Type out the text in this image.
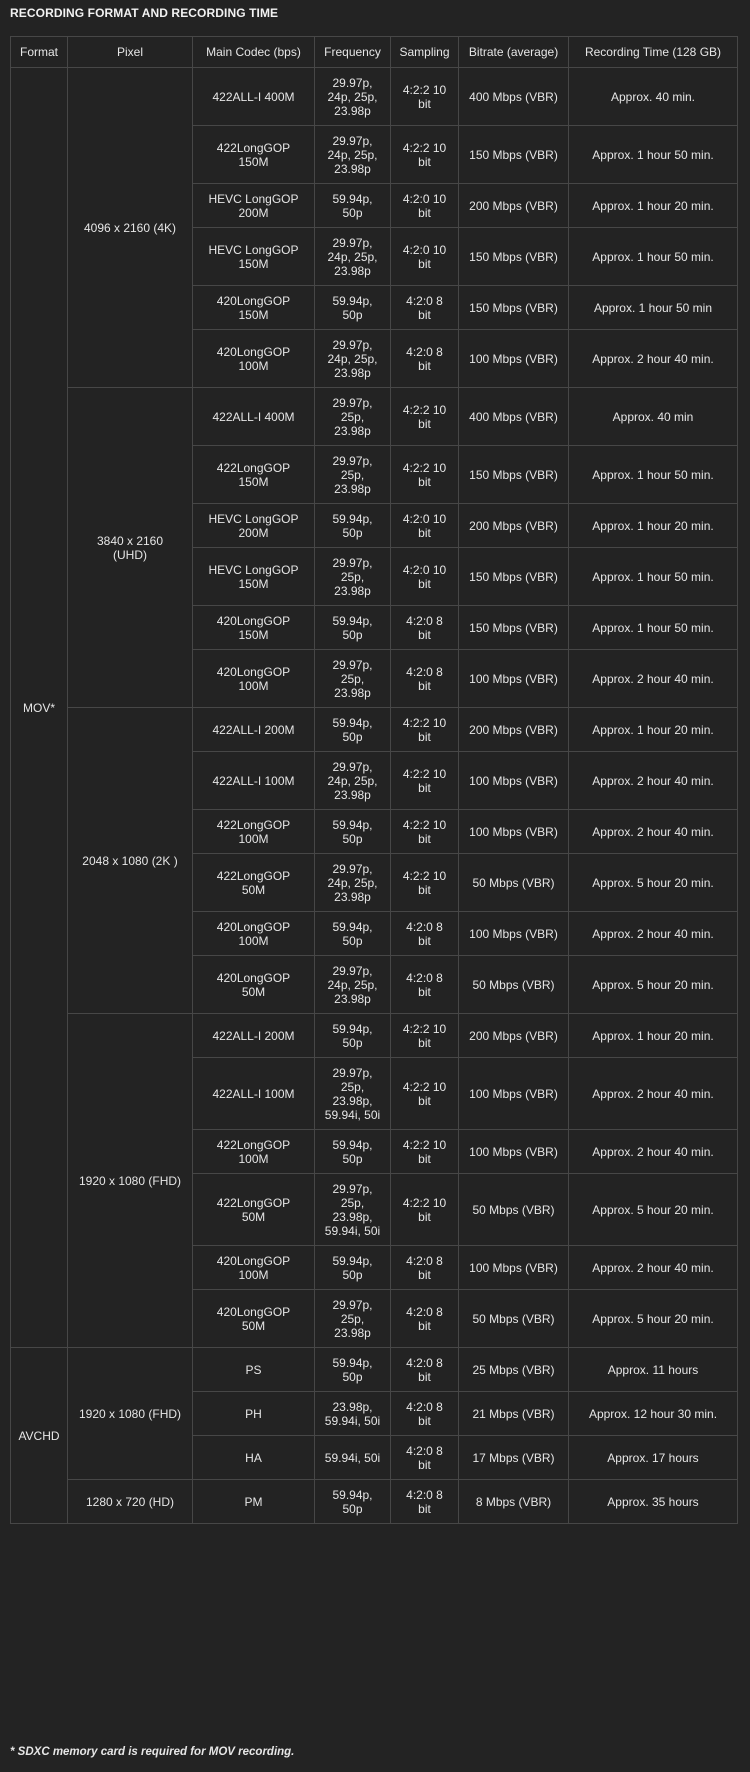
RECORDING FORMAT AND RECORDING TIME
Format	Pixel	Main Codec (bps)	Frequency	Sampling	Bitrate (average)	Recording Time (128 GB)
MOV*	4096 x 2160 (4K)	422ALL-I 400M	29.97p,
24p, 25p,
23.98p	4:2:2 10
bit	400 Mbps (VBR)	Approx. 40 min.
		422LongGOP
150M	29.97p,
24p, 25p,
23.98p	4:2:2 10
bit	150 Mbps (VBR)	Approx. 1 hour 50 min.
		HEVC LongGOP
200M	59.94p,
50p	4:2:0 10
bit	200 Mbps (VBR)	Approx. 1 hour 20 min.
		HEVC LongGOP
150M	29.97p,
24p, 25p,
23.98p	4:2:0 10
bit	150 Mbps (VBR)	Approx. 1 hour 50 min.
		420LongGOP
150M	59.94p,
50p	4:2:0 8
bit	150 Mbps (VBR)	Approx. 1 hour 50 min
		420LongGOP
100M	29.97p,
24p, 25p,
23.98p	4:2:0 8
bit	100 Mbps (VBR)	Approx. 2 hour 40 min.
	3840 x 2160
(UHD)	422ALL-I 400M	29.97p,
25p,
23.98p	4:2:2 10
bit	400 Mbps (VBR)	Approx. 40 min
		422LongGOP
150M	29.97p,
25p,
23.98p	4:2:2 10
bit	150 Mbps (VBR)	Approx. 1 hour 50 min.
		HEVC LongGOP
200M	59.94p,
50p	4:2:0 10
bit	200 Mbps (VBR)	Approx. 1 hour 20 min.
		HEVC LongGOP
150M	29.97p,
25p,
23.98p	4:2:0 10
bit	150 Mbps (VBR)	Approx. 1 hour 50 min.
		420LongGOP
150M	59.94p,
50p	4:2:0 8
bit	150 Mbps (VBR)	Approx. 1 hour 50 min.
		420LongGOP
100M	29.97p,
25p,
23.98p	4:2:0 8
bit	100 Mbps (VBR)	Approx. 2 hour 40 min.
	2048 x 1080 (2K )	422ALL-I 200M	59.94p,
50p	4:2:2 10
bit	200 Mbps (VBR)	Approx. 1 hour 20 min.
		422ALL-I 100M	29.97p,
24p, 25p,
23.98p	4:2:2 10
bit	100 Mbps (VBR)	Approx. 2 hour 40 min.
		422LongGOP
100M	59.94p,
50p	4:2:2 10
bit	100 Mbps (VBR)	Approx. 2 hour 40 min.
		422LongGOP
50M	29.97p,
24p, 25p,
23.98p	4:2:2 10
bit	50 Mbps (VBR)	Approx. 5 hour 20 min.
		420LongGOP
100M	59.94p,
50p	4:2:0 8
bit	100 Mbps (VBR)	Approx. 2 hour 40 min.
		420LongGOP
50M	29.97p,
24p, 25p,
23.98p	4:2:0 8
bit	50 Mbps (VBR)	Approx. 5 hour 20 min.
	1920 x 1080 (FHD)	422ALL-I 200M	59.94p,
50p	4:2:2 10
bit	200 Mbps (VBR)	Approx. 1 hour 20 min.
		422ALL-I 100M	29.97p,
25p,
23.98p,
59.94i, 50i	4:2:2 10
bit	100 Mbps (VBR)	Approx. 2 hour 40 min.
		422LongGOP
100M	59.94p,
50p	4:2:2 10
bit	100 Mbps (VBR)	Approx. 2 hour 40 min.
		422LongGOP
50M	29.97p,
25p,
23.98p,
59.94i, 50i	4:2:2 10
bit	50 Mbps (VBR)	Approx. 5 hour 20 min.
		420LongGOP
100M	59.94p,
50p	4:2:0 8
bit	100 Mbps (VBR)	Approx. 2 hour 40 min.
		420LongGOP
50M	29.97p,
25p,
23.98p	4:2:0 8
bit	50 Mbps (VBR)	Approx. 5 hour 20 min.
AVCHD	1920 x 1080 (FHD)	PS	59.94p,
50p	4:2:0 8
bit	25 Mbps (VBR)	Approx. 11 hours
		PH	23.98p,
59.94i, 50i	4:2:0 8
bit	21 Mbps (VBR)	Approx. 12 hour 30 min.
		HA	59.94i, 50i	4:2:0 8
bit	17 Mbps (VBR)	Approx. 17 hours
	1280 x 720 (HD)	PM	59.94p,
50p	4:2:0 8
bit	8 Mbps (VBR)	Approx. 35 hours
* SDXC memory card is required for MOV recording.
